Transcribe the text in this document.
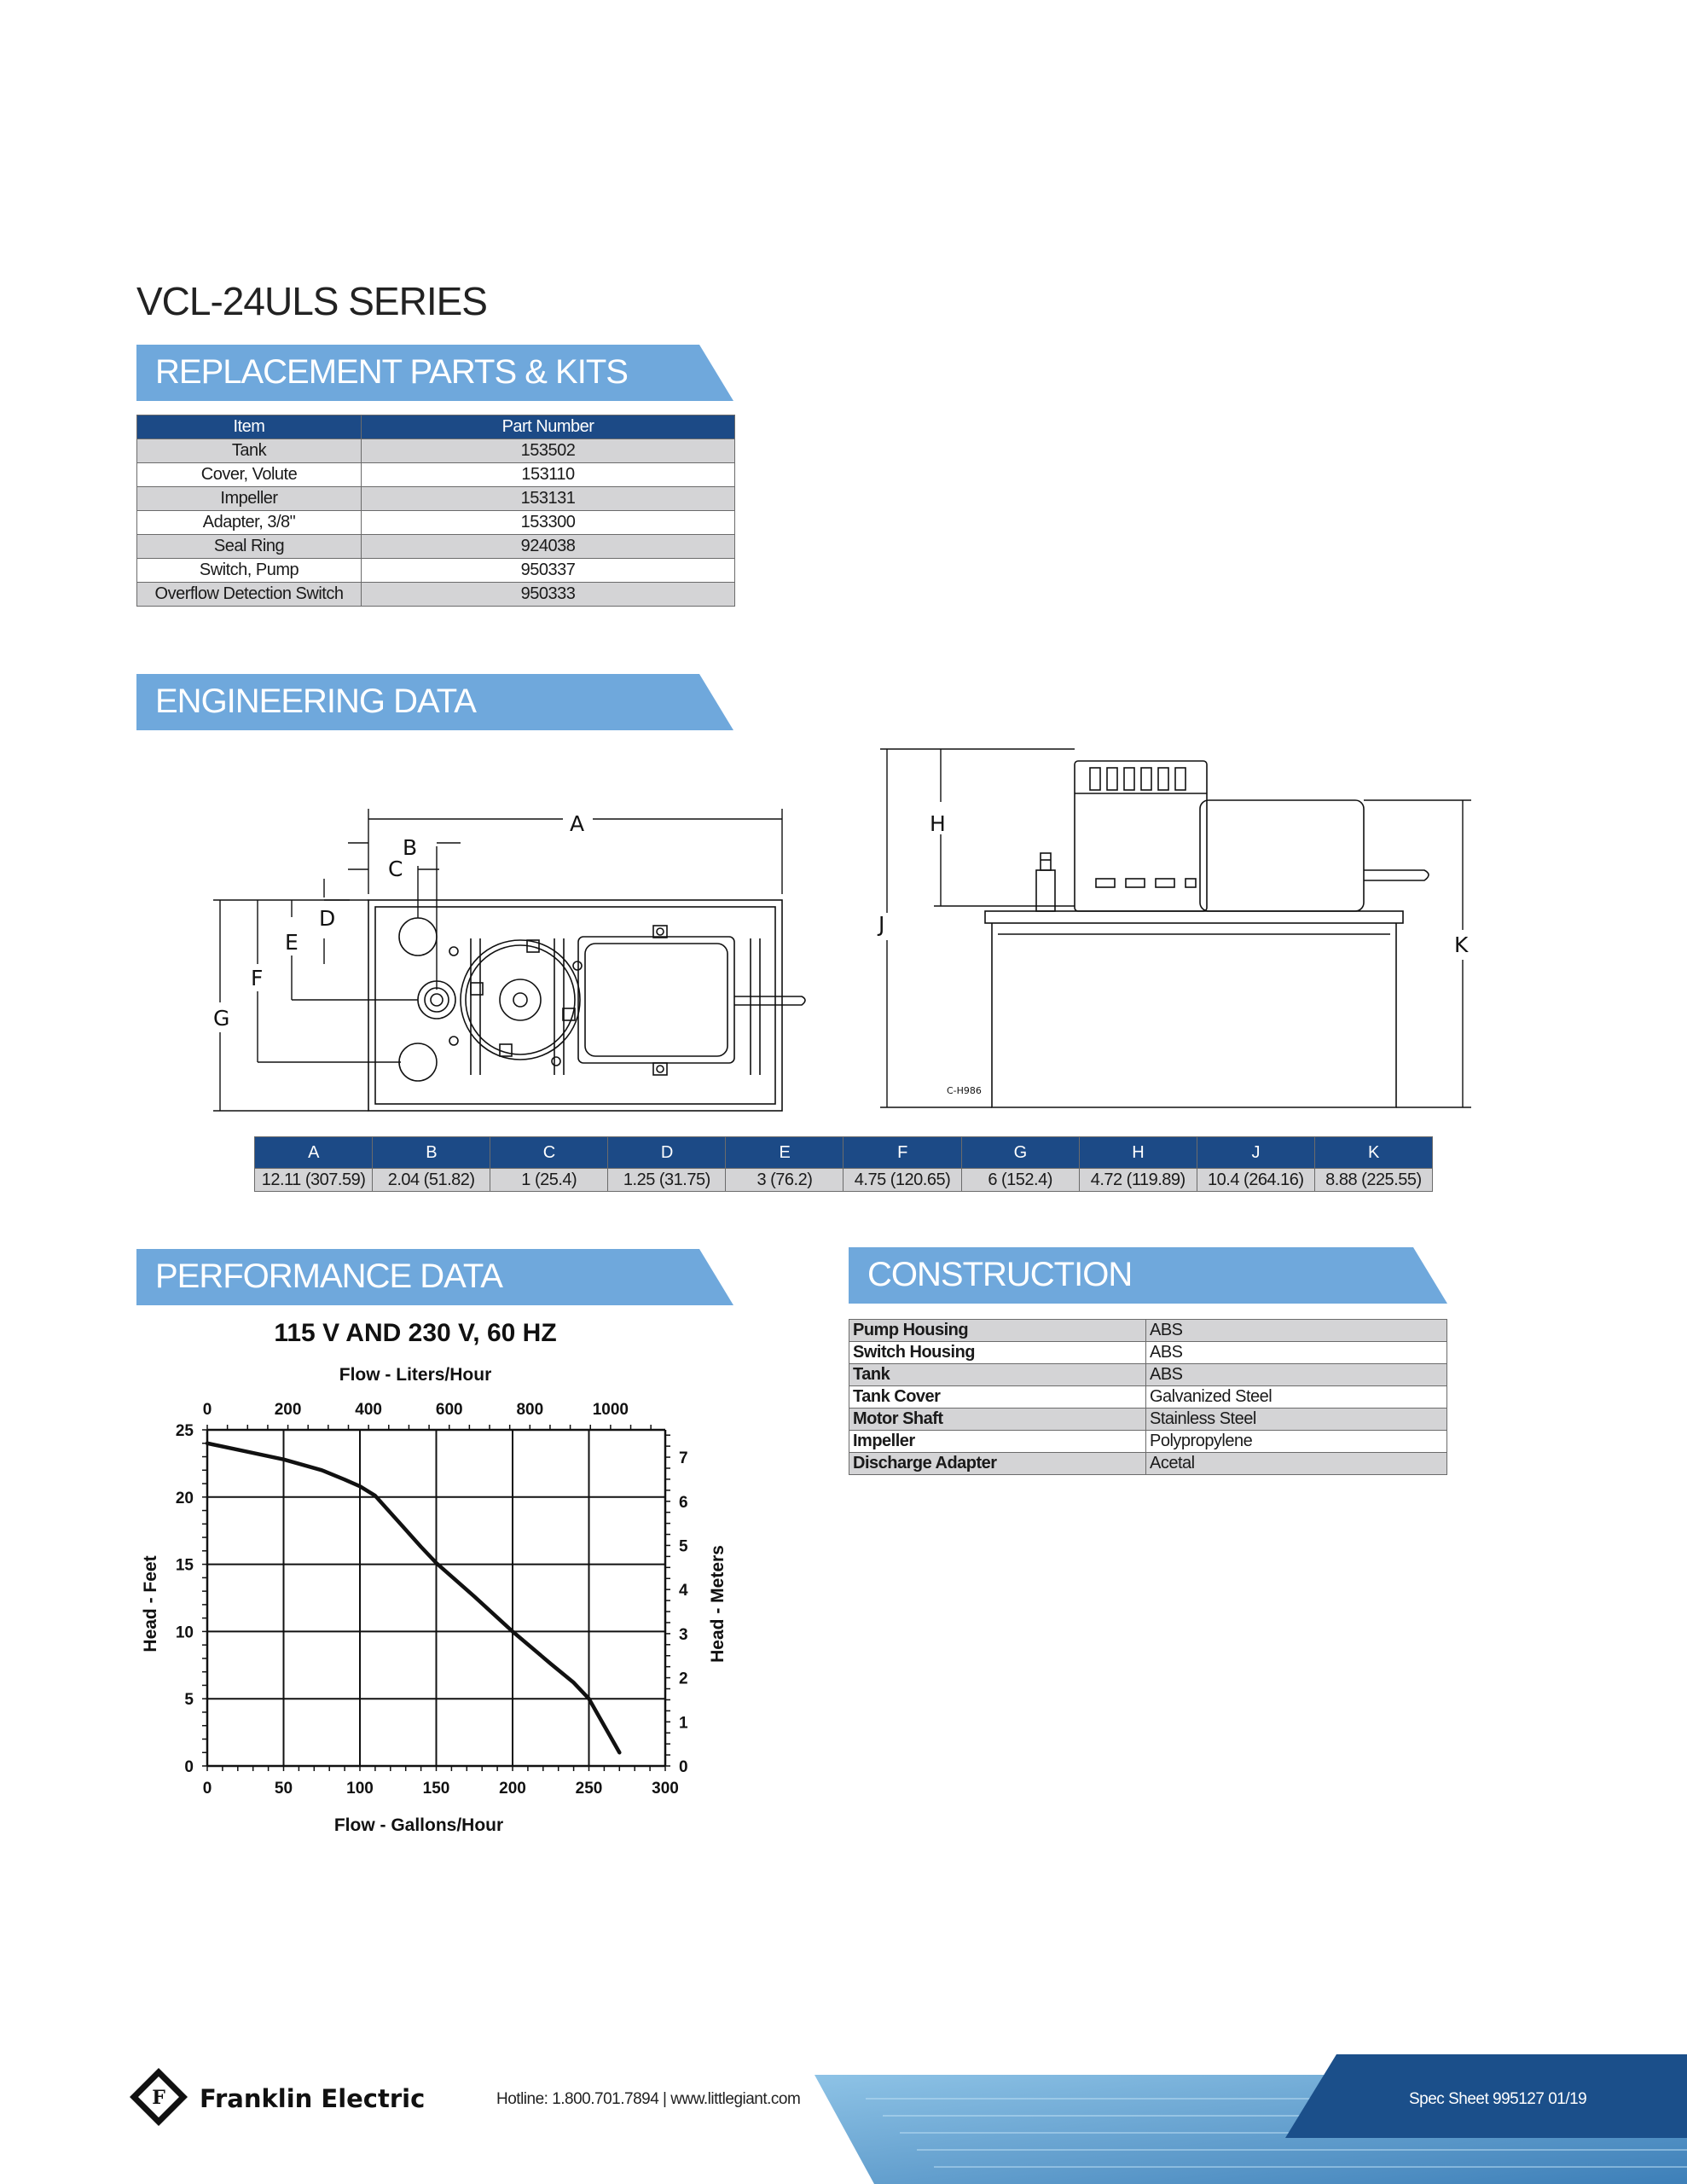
VCL-24ULS SERIES
REPLACEMENT PARTS & KITS
ENGINEERING DATA
PERFORMANCE DATA	CONSTRUCTION
Item	Part Number
Tank	153502
Cover, Volute	153110
Impeller	153131
Adapter, 3/8"	153300
Seal Ring	924038
Switch, Pump	950337
Overflow Detection Switch	950333
A
B
C
D
E
F
G
H
J
K
C-H986
A	B	C	D	E	F	G	H	J	K
12.11 (307.59)	2.04 (51.82)	1 (25.4)	1.25 (31.75)	3 (76.2)	4.75 (120.65)	6 (152.4)	4.72 (119.89)	10.4 (264.16)	8.88 (225.55)
Pump Housing	ABS
Switch Housing	ABS
Tank	ABS
Tank Cover	Galvanized Steel
Motor Shaft	Stainless Steel
Impeller	Polypropylene
Discharge Adapter	Acetal
115 V AND 230 V, 60 HZ
Flow - Liters/Hour
Flow - Gallons/Hour
Head - Feet	Head - Meters
0	50	100	150	200	250	300
0
5
10
15
20
25
0	200	400	600	800	1000
0
1
2
3
4
5
6
7
F Franklin Electric	Hotline: 1.800.701.7894 | www.littlegiant.com	Spec Sheet 995127 01/19
